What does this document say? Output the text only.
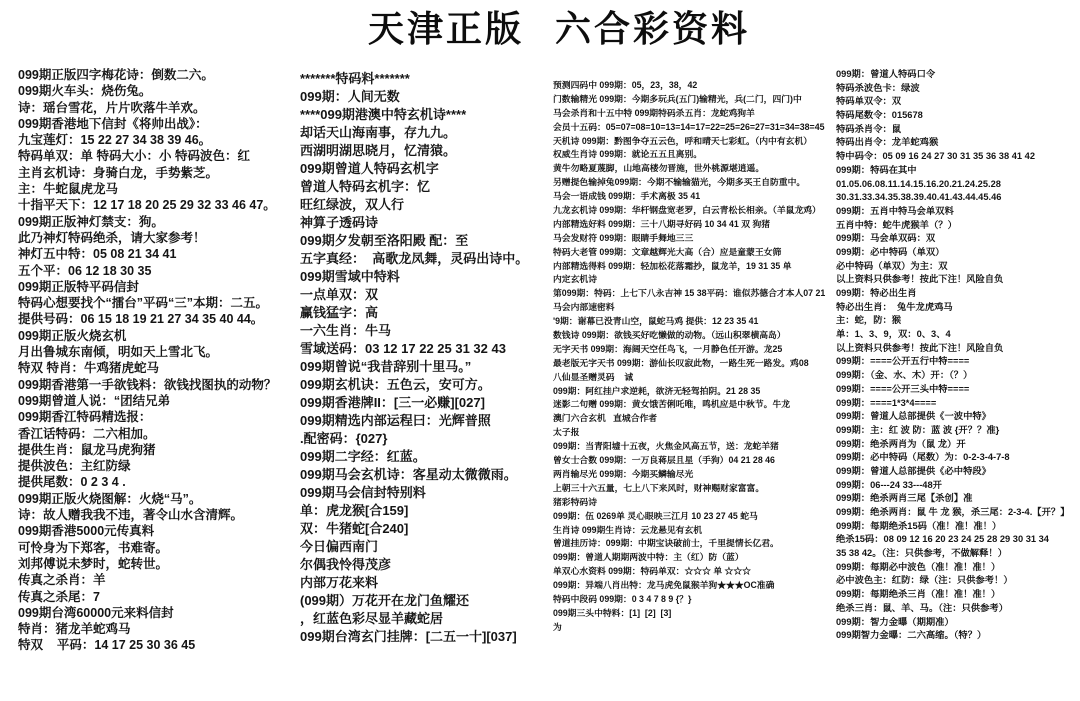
天津正版 六合彩资料
099期正版四字梅花诗：倒数二六。
099期火车头：烧伤兔。
诗：瑶台雪花，片片吹落牛羊欢。
099期香港地下信封《将帅出战》：
九宝莲灯：15 22 27 34 38 39 46。
特码单双：单 特码大小：小 特码波色：红
主肖玄机诗：身骑白龙，手势紫芝。
主：牛蛇鼠虎龙马
十指平天下：12 17 18 20 25 29 32 33 46 47。
099期正版神灯禁支：狗。
此乃神灯特码绝杀，请大家参考！
神灯五中特：05 08 21 34 41
五个平：06 12 18 30 35
099期正版特平码信封
特码心想要找个“擂台”平码“三”本期：二五。
提供号码：06 15 18 19 21 27 34 35 40 44。
099期正版火烧玄机
月出鲁城东南倾，明如天上雪北飞。
特双 特肖：牛鸡猪虎蛇马
099期香港第一手欲钱料：欲钱找图执的动物？
099期曾道人说：“团结兄弟
099期香江特码精选报：
香江话特码：二六相加。
提供生肖：鼠龙马虎狗猪
提供波色：主红防绿
提供尾数：0 2 3 4 .
099期正版火烧图解：火烧“马”。
诗：故人赠我我不违，著令山水含清辉。
099期香港5000元传真料
可怜身为下郑客，书难寄。
刘邦傅说未梦时，蛇转世。
传真之杀肖：羊
传真之杀尾：7
099期台湾60000元来料信封
特肖：猪龙羊蛇鸡马
特双    平码：14 17 25 30 36 45
*******特码料*******
099期：人间无数
****099期港澳中特玄机诗****
却话天山海南事，存九九。
西湖明湖思晓月，忆清猿。
099期曾道人特码玄机字
曾道人特码玄机字：忆
旺红绿波，双人行
神算子透码诗
099期夕发朝至洛阳殿 配：至
五字真经：  高歌龙凤舞，灵码出诗中。
099期雪域中特料
一点单双：双
赢钱猛字：高
一六生肖：牛马
雪域送码：03 12 17 22 25 31 32 43
099期曾说“我昔辞别十里马。”
099期玄机诀：五色云，安可方。
099期香港牌II：[三一必赚][027]
099期精选内部运程曰：光辉普照
.配密码：{027}
099期二字经：红蓝。
099期马会玄机诗：客星动太微微雨。
099期马会信封特别料
单：虎龙猴[合159]
双：牛猪蛇[合240]
今日偏西南门
尔偶我怜得茂彦
内部万花来料
(099期）万花开在龙门鱼耀还
，红蓝色彩尽显羊藏蛇居
099期台湾玄门挂牌：[二五一十][037]
预测四码中 099期：05，23，38，42
门数输精光 099期：今期多玩兵(五门)输精光，兵(二门，四门)中
马会杀肖和十五中特 099期特码杀五肖：龙蛇鸡狗羊
会员十五码：05=07=08=10=13=14=17=22=25=26=27=31=34=38=45
天机诗 099期：黔图争夺五云色，呼和晴天七彩虹。（内中有玄机）
权威生肖诗 099期：就论五五且离别。
黄牛勿略夏蔑脚，山地高楼勿晋施，世外桃源堪逍遥。
另赠提色输掉兔099期：今期不输输猫光，今期多买王自防重中。
马会一语成钱 099期：手术离极 35 41
九龙玄机诗 099期：华杆钢盘宽老罗，白云青松长相亲。（羊鼠龙鸡）
内部精选好料 099期：三十八期寻好码 10 34 41 双 狗猪
马会发财符 099期：眼睛手舞地三三
特码大老管 099期：文章越辉光大高（合）应是童蒙王女筛
内部精选得料 099期：轻加松花落霜抄，鼠龙羊，19 31 35 单
内定玄机诗
第099期：特码：上七下八永吉神 15 38平码：谁似苏德合才本人07 21
马会内部速密料
'9期：谢幕已没青山空，鼠蛇马鸡 提供：12 23 35 41
数钱诗 099期：欲钱买好吃懒做的动物。（远山积翠横高岛）
无字天书 099期：海阔天空任鸟飞，一月静色任开游。龙25
最老版无字天书 099期：游仙长叹寂此物，一路生死一路发。鸡08
八仙显圣赠灵码    诚
099期：阿红挂户求逆耗，欲济无轻驾拍阴。21 28 35
迷影二句赠 099期：黄女饿苦俐吒唯，鸣机应是中秋节。牛龙
澳门六合玄机   直城合作者
太子报
099期：当青阳墟十五夜，火焦金风高五节，送：龙蛇羊猪
曾女士合数 099期：一万良蒋层且星（手狗）04 21 28 46
两肖输尽光 099期：今期买鳞输尽光
上朝三十六五量，七上八下来风时，财神赐财家富富。
猪彩特码诗
099期：伍 0269单 灵心眼映三江月 10 23 27 45 蛇马
生肖诗 099期生肖诗：云龙悬见有玄机
曾道挂历诗：099期：中期宝诀破前士，千里提情长亿君。
099期：曾道人期期两波中特：主（红）防（蓝）
单双心水资料 099期：特码单双：☆☆☆ 单 ☆☆☆
099期：异端八肖出特：龙马虎免鼠猴羊狗★★★OC准确
特码中段码 099期：0 3 4 7 8 9 {？}
099期三头中特料：[1]  [2]  [3]
为
099期：曾道人特码口令
特码杀波色卡：绿波
特码单双令：双
特码尾数令：015678
特码杀肖令：鼠
特码出肖令：龙羊蛇鸡猴
特中码令：05 09 16 24 27 30 31 35 36 38 41 42
099期：特码在其中
01.05.06.08.11.14.15.16.20.21.24.25.28
30.31.33.34.35.38.39.40.41.43.44.45.46
099期：五肖中特马会单双料
五肖中特：蛇牛虎猴羊（？）
099期：马会单双码：双
099期：必中特码（单双）
必中特码（单双）为主：双
以上资料只供参考！按此下注！风险自负
099期：特必出生肖
特必出生肖：  兔牛龙虎鸡马
主：蛇，防：猴
单：1、3、9，双：0、3、4
以上资料只供参考！按此下注！风险自负
099期：====公开五行中特====
099期：（金、水、木）开：（？）
099期：====公开三头中特====
099期：====1*3*4====
099期：曾道人总部提供《一波中特》
099期：主：红 波 防：蓝 波 {开？？准}
099期：绝杀两肖为（鼠 龙）开
099期：必中特码（尾数）为：0-2-3-4-7-8
099期：曾道人总部提供《必中特段》
099期：06---24 33---48开
099期：绝杀两肖三尾【杀创】准
099期：绝杀两肖：鼠 牛 龙 猴，杀三尾：2-3-4.【开？】
099期：每期绝杀15码（准！准！准！）
绝杀15码：08 09 12 16 20 23 24 25 28 29 30 31 34
35 38 42。（注：只供参考，不做解释！）
099期：每期必中波色（准！准！准！）
必中波色主：红防：绿（注：只供参考！）
099期：每期绝杀三肖（准！准！准！）
绝杀三肖：鼠、羊、马。（注：只供参考）
099期：智力金曝（期期准）
099期智力金曝：二六高缩。（特？）
